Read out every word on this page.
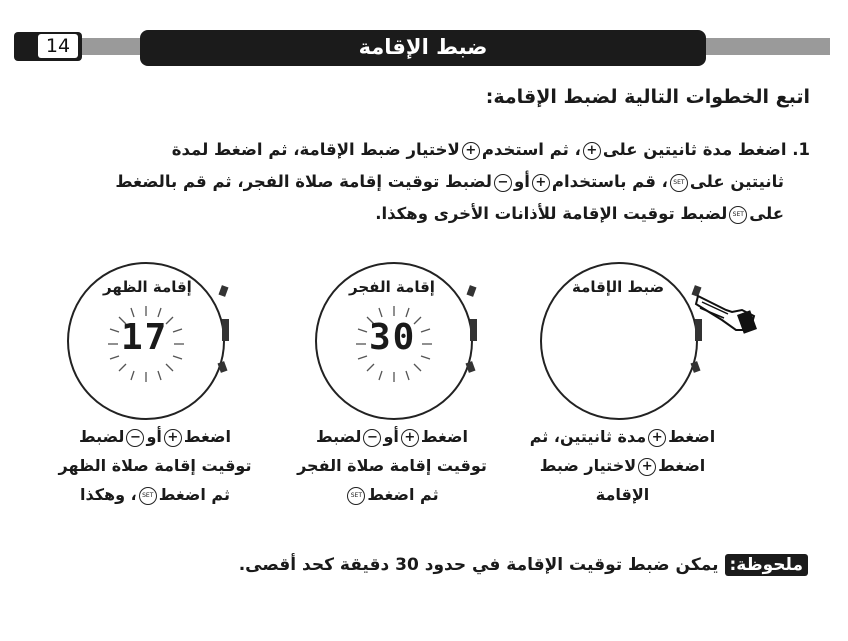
14	ضبط الإقامة
اتبع الخطوات التالية لضبط الإقامة:

1. اضغط مدة ثانيتين على+، ثم استخدم+لاختيار ضبط الإقامة، ثم اضغط لمدة

ثانيتين علىSET، قم باستخدام+أو−لضبط توقيت إقامة صلاة الفجر، ثم قم بالضغط

علىSETلضبط توقيت الإقامة للأذانات الأخرى وهكذا.

ضبط الإقامة
إقامة الفجر
30
إقامة الظهر
17
اضغط+مدة ثانيتين، ثم
اضغط+لاختيار ضبط
الإقامة
اضغط+أو−لضبط
توقيت إقامة صلاة الفجر
ثم اضغطSET
اضغط+أو−لضبط
توقيت إقامة صلاة الظهر
ثم اضغطSET، وهكذا
ملحوظة:يمكن ضبط توقيت الإقامة في حدود 30 دقيقة كحد أقصى.
